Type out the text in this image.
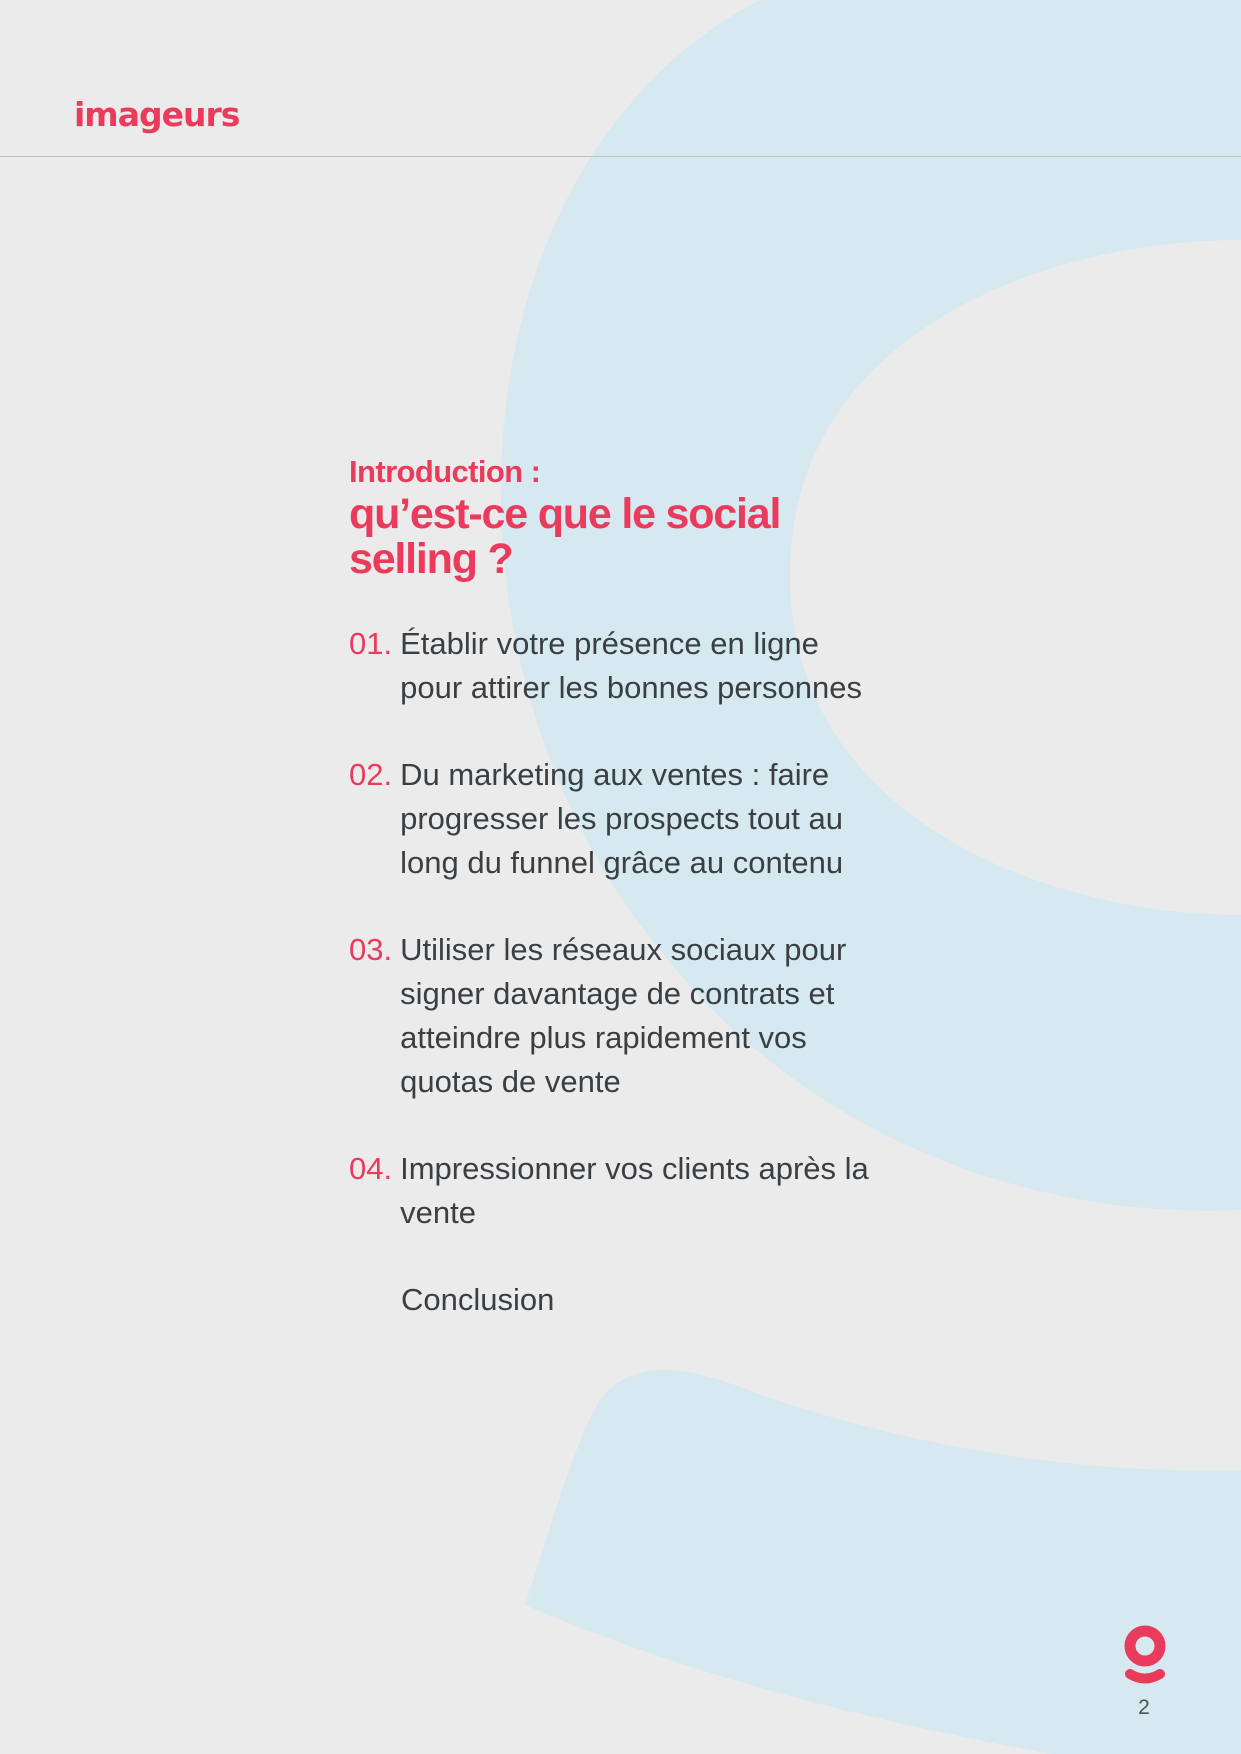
imageurs
Introduction :
qu’est-ce que le social selling ?
01. Établir votre présence en ligne pour attirer les bonnes personnes
02. Du marketing aux ventes : faire progresser les prospects tout au long du funnel grâce au contenu
03. Utiliser les réseaux sociaux pour signer davantage de contrats et atteindre plus rapidement vos quotas de vente
04. Impressionner vos clients après la vente
Conclusion
2
